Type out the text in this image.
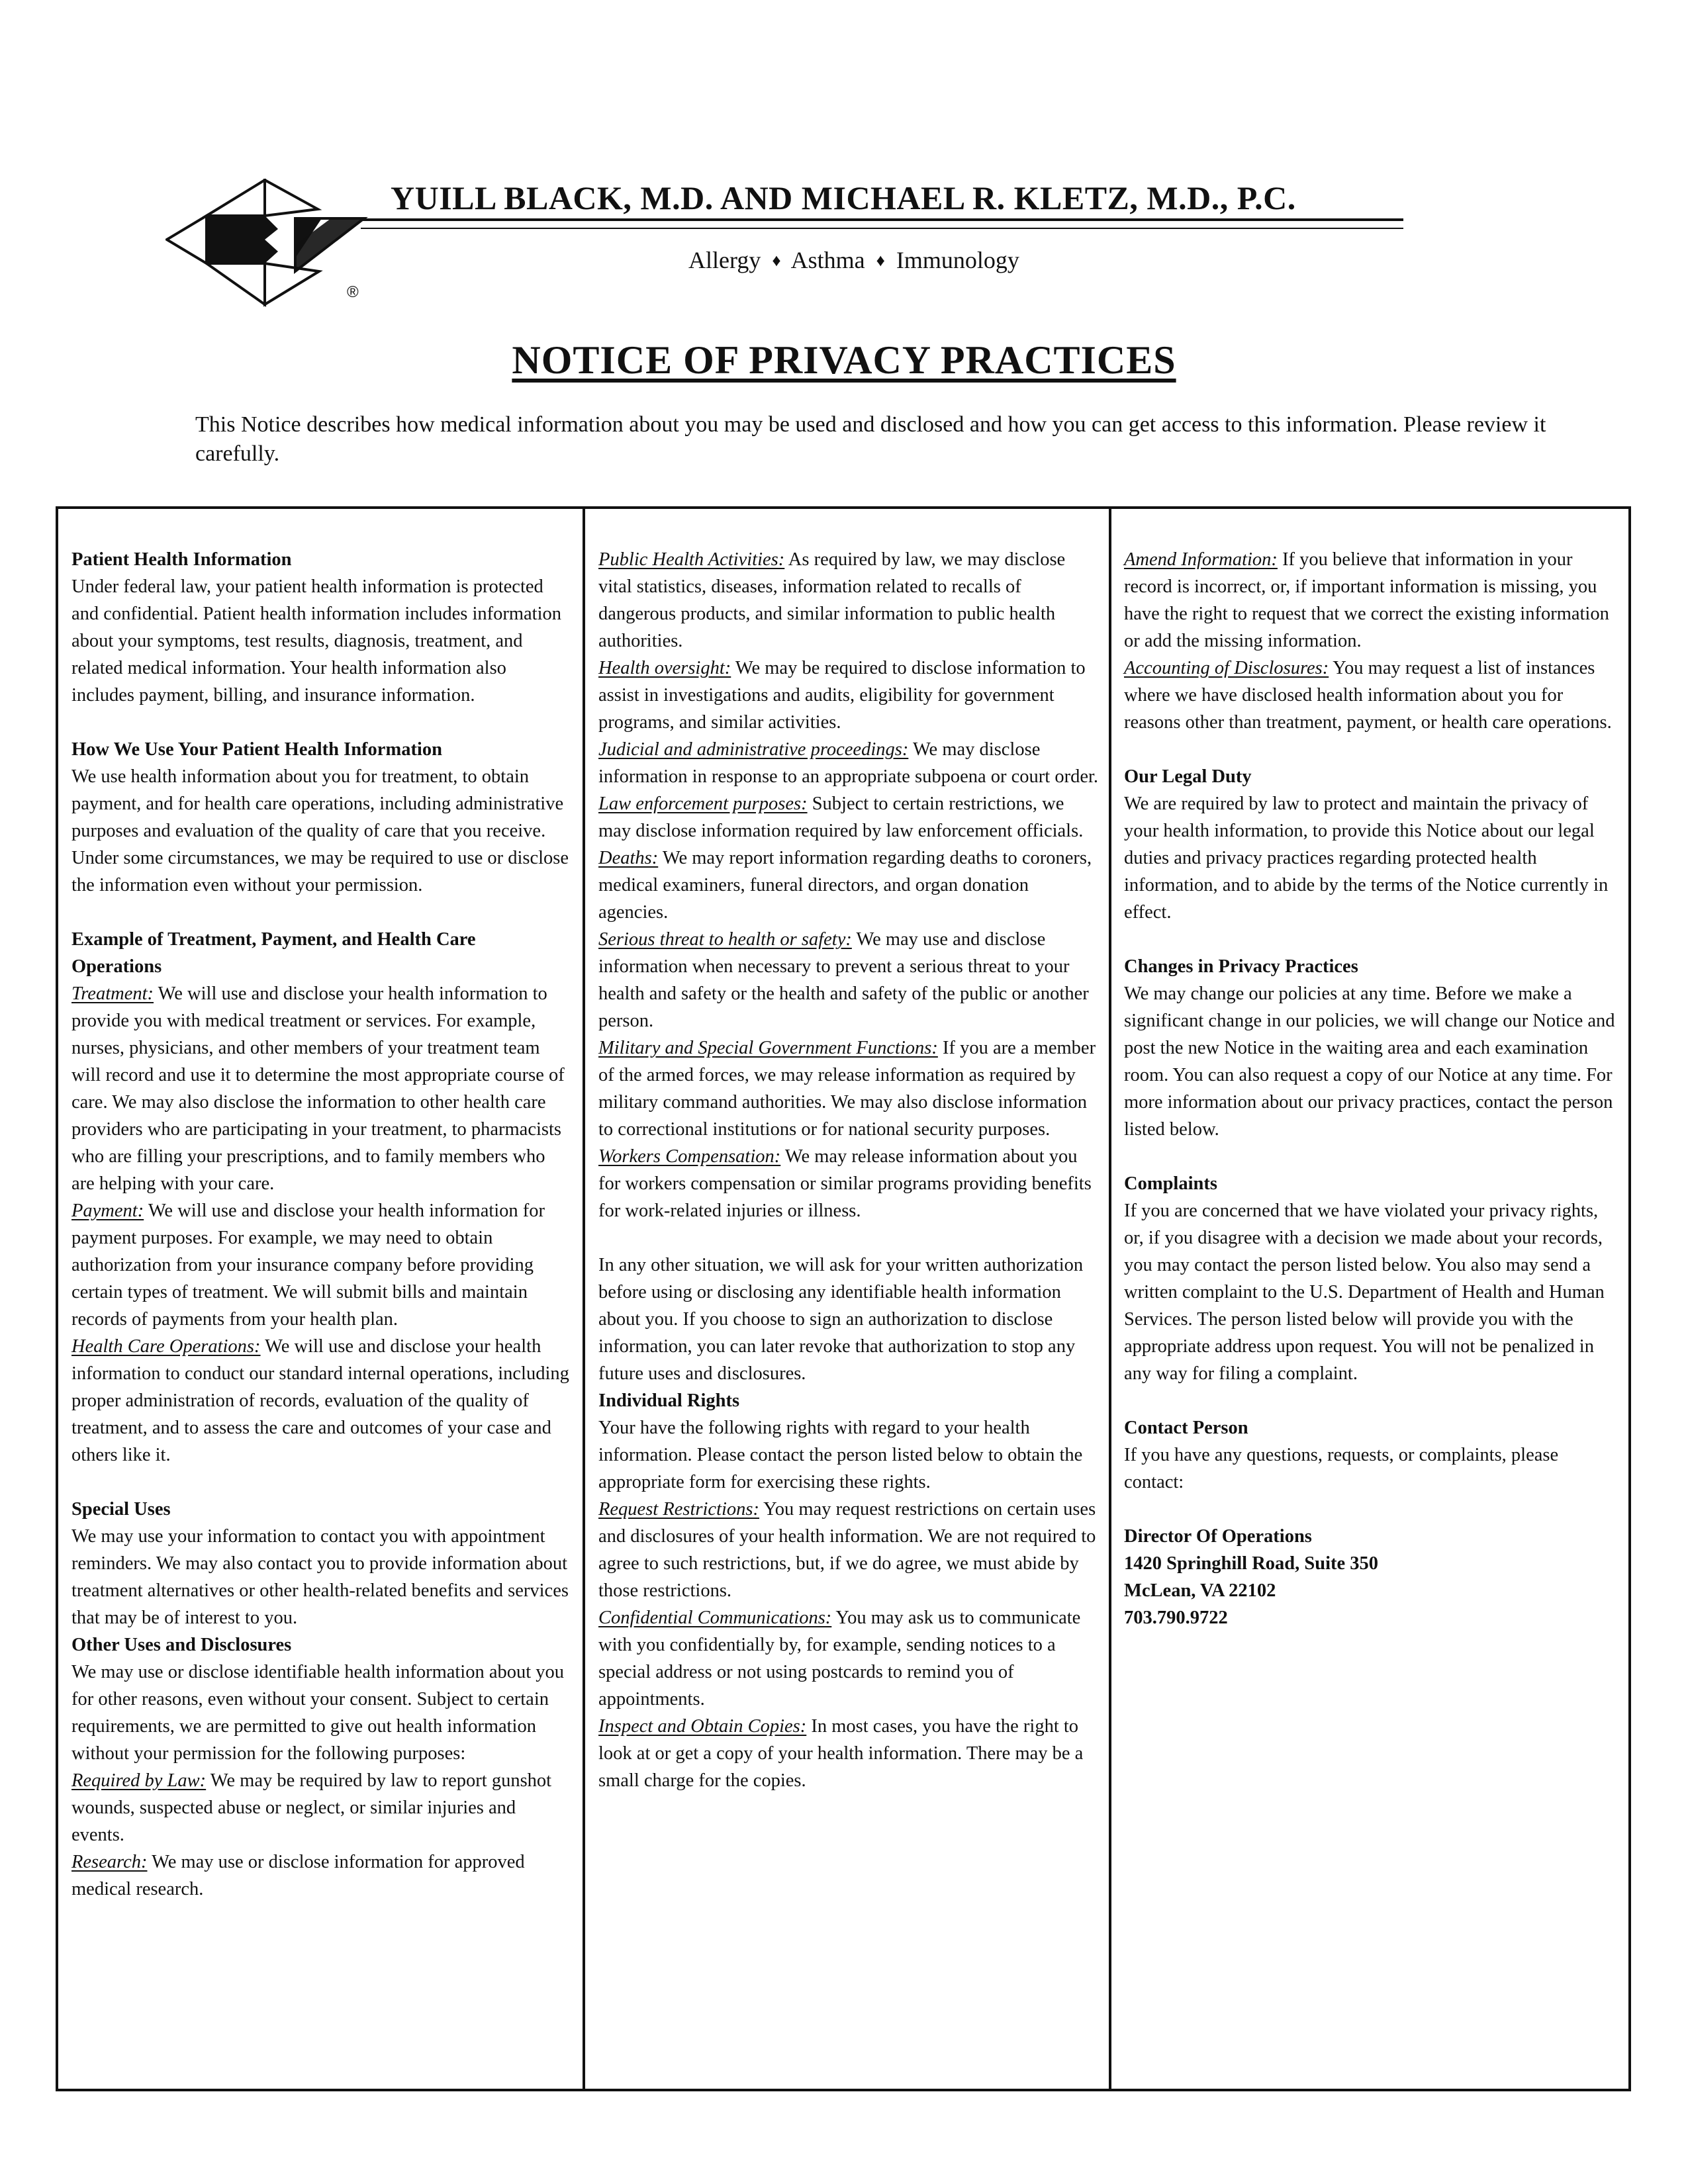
®
YUILL BLACK, M.D. AND MICHAEL R. KLETZ, M.D., P.C.
Allergy ♦ Asthma ♦ Immunology
NOTICE OF PRIVACY PRACTICES
This Notice describes how medical information about you may be used and disclosed and how you can get access to this information. Please review it carefully.
Patient Health Information

Under federal law, your patient health information is protected and confidential. Patient health information includes information about your symptoms, test results, diagnosis, treatment, and related medical information. Your health information also includes payment, billing, and insurance information.

How We Use Your Patient Health Information

We use health information about you for treatment, to obtain payment, and for health care operations, including administrative purposes and evaluation of the quality of care that you receive. Under some circumstances, we may be required to use or disclose the information even without your permission.

Example of Treatment, Payment, and Health Care Operations

Treatment: We will use and disclose your health information to provide you with medical treatment or services. For example, nurses, physicians, and other members of your treatment team will record and use it to determine the most appropriate course of care. We may also disclose the information to other health care providers who are participating in your treatment, to pharmacists who are filling your prescriptions, and to family members who are helping with your care.

Payment: We will use and disclose your health information for payment purposes. For example, we may need to obtain authorization from your insurance company before providing certain types of treatment. We will submit bills and maintain records of payments from your health plan.

Health Care Operations: We will use and disclose your health information to conduct our standard internal operations, including proper administration of records, evaluation of the quality of treatment, and to assess the care and outcomes of your case and others like it.

Special Uses

We may use your information to contact you with appointment reminders. We may also contact you to provide information about treatment alternatives or other health-related benefits and services that may be of interest to you.

Other Uses and Disclosures

We may use or disclose identifiable health information about you for other reasons, even without your consent. Subject to certain requirements, we are permitted to give out health information without your permission for the following purposes:

Required by Law: We may be required by law to report gunshot wounds, suspected abuse or neglect, or similar injuries and events.

Research: We may use or disclose information for approved medical research.

Public Health Activities: As required by law, we may disclose vital statistics, diseases, information related to recalls of dangerous products, and similar information to public health authorities.

Health oversight: We may be required to disclose information to assist in investigations and audits, eligibility for government programs, and similar activities.

Judicial and administrative proceedings: We may disclose information in response to an appropriate subpoena or court order.

Law enforcement purposes: Subject to certain restrictions, we may disclose information required by law enforcement officials.

Deaths: We may report information regarding deaths to coroners, medical examiners, funeral directors, and organ donation agencies.

Serious threat to health or safety: We may use and disclose information when necessary to prevent a serious threat to your health and safety or the health and safety of the public or another person.

Military and Special Government Functions: If you are a member of the armed forces, we may release information as required by military command authorities. We may also disclose information to correctional institutions or for national security purposes.

Workers Compensation: We may release information about you for workers compensation or similar programs providing benefits for work-related injuries or illness.

In any other situation, we will ask for your written authorization before using or disclosing any identifiable health information about you. If you choose to sign an authorization to disclose information, you can later revoke that authorization to stop any future uses and disclosures.

Individual Rights

Your have the following rights with regard to your health information. Please contact the person listed below to obtain the appropriate form for exercising these rights.

Request Restrictions: You may request restrictions on certain uses and disclosures of your health information. We are not required to agree to such restrictions, but, if we do agree, we must abide by those restrictions.

Confidential Communications: You may ask us to communicate with you confidentially by, for example, sending notices to a special address or not using postcards to remind you of appointments.

Inspect and Obtain Copies: In most cases, you have the right to look at or get a copy of your health information. There may be a small charge for the copies.

Amend Information: If you believe that information in your record is incorrect, or, if important information is missing, you have the right to request that we correct the existing information or add the missing information.

Accounting of Disclosures: You may request a list of instances where we have disclosed health information about you for reasons other than treatment, payment, or health care operations.

Our Legal Duty

We are required by law to protect and maintain the privacy of your health information, to provide this Notice about our legal duties and privacy practices regarding protected health information, and to abide by the terms of the Notice currently in effect.

Changes in Privacy Practices

We may change our policies at any time. Before we make a significant change in our policies, we will change our Notice and post the new Notice in the waiting area and each examination room. You can also request a copy of our Notice at any time. For more information about our privacy practices, contact the person listed below.

Complaints

If you are concerned that we have violated your privacy rights, or, if you disagree with a decision we made about your records, you may contact the person listed below. You also may send a written complaint to the U.S. Department of Health and Human Services. The person listed below will provide you with the appropriate address upon request. You will not be penalized in any way for filing a complaint.

Contact Person

If you have any questions, requests, or complaints, please contact:

Director Of Operations

1420 Springhill Road, Suite 350

McLean, VA 22102

703.790.9722
